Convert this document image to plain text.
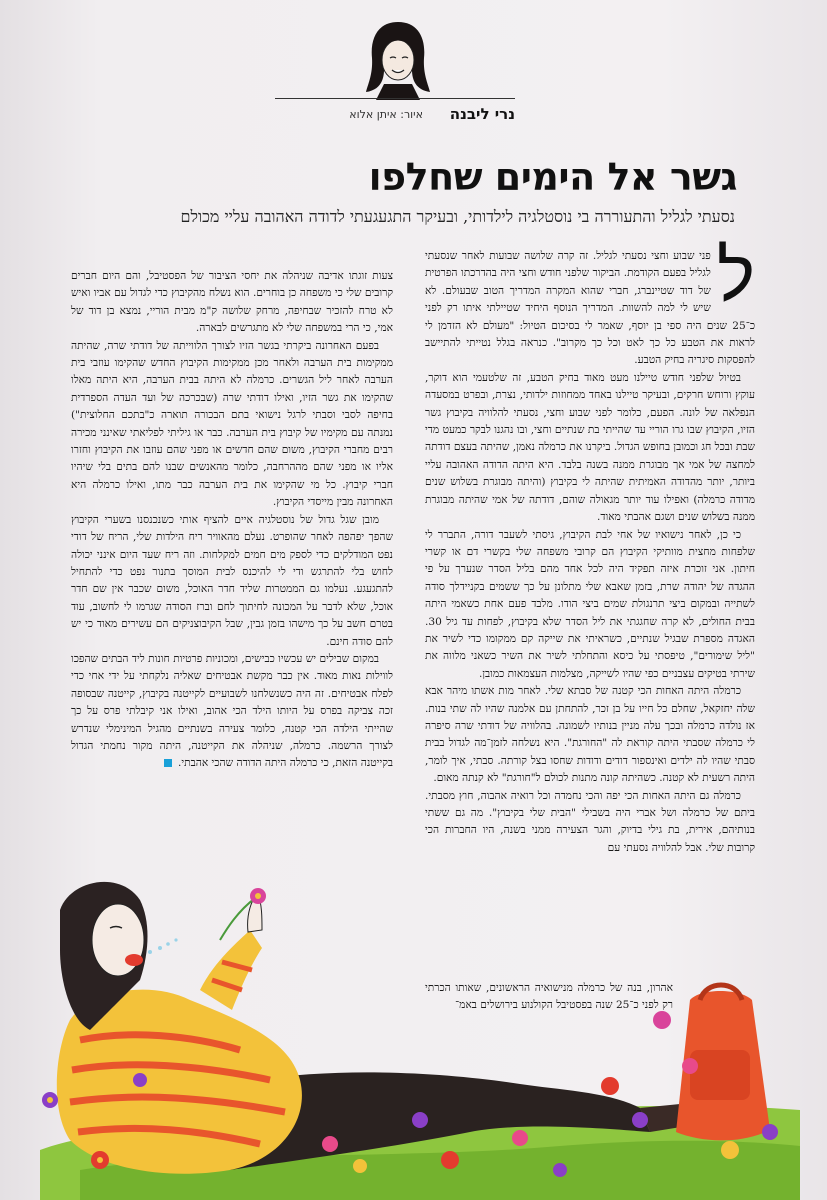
נרי ליבנה
איור: איתן אלוא
גשר אל הימים שחלפו
נסעתי לגליל והתעוררה בי נוסטלגיה לילדותי, ובעיקר התגעגעתי לדודה האהובה עליי מכולם

ל
פני שבוע וחצי נסעתי לגליל. זה קרה שלושה שבועות לאחר שנסעתי לגליל בפעם הקודמת. הביקור שלפני חודש וחצי היה בהדרכתו הפרטית של דוד שטיינברג, חברי שהוא המקרה המדריך הטוב שבעולם. לא שיש לי למה להשוות. המדריך הנוסף היחיד שטיילתי איתו רק לפני כ־25 שנים היה ספי בן יוסף, שאמר לי בסיכום הטיול: "מעולם לא הזדמן לי לראות את הטבע כל כך לאט וכל כך מקרוב". כנראה בגלל נטייתי להתיישב להפסקות סיגריה בחיק הטבע.

בטיול שלפני חודש טיילנו מעט מאוד בחיק הטבע, זה שלטעמי הוא דוקר, עוקץ ורוחש חרקים, ובעיקר טיילנו באחד ממחוזות ילדותי, נצרת, ובפרט במסעדה הנפלאה של לונה. הפעם, כלומר לפני שבוע וחצי, נסעתי להלוויה בקיבוץ גשר הזיו, הקיבוץ שבו גרו הוריי עד שהייתי בת שנתיים וחצי, ובו נהגנו לבקר כמעט מדי שבת ובכל חג וכמובן בחופש הגדול. ביקרנו את כרמלה נאמן, שהיתה בעצם דודתה למחצה של אמי אך מבוגרת ממנה בשנה בלבד. היא היתה הדודה האהובה עליי ביותר, יותר מהדודה האמיתית שהיתה לי בקיבוץ (והיתה מבוגרת בשלוש שנים מדודה כרמלה) ואפילו עוד יותר מגאולה שוהם, דודתה של אמי שהיתה מבוגרת ממנה בשלוש שנים ושגם אהבתי מאוד.

כי כן, לאחר נישואיו של אחי לבת הקיבוץ, גיסתי לשעבר דורה, התברר לי שלפחות מחצית מוותיקי הקיבוץ הם קרובי משפחה שלי בקשרי דם או קשרי חיתון. אני זוכרת איזה תפקיד היה לכל אחד מהם בליל הסדר שנערך על פי ההגדה של יהודה שרת, בזמן שאבא שלי מתלונן על כך ששמים בקניידלך סודה לשתייה ובמקום ביצי תרנגולת שמים ביצי הודו. מלבד פעם אחת כשאמי היתה בבית החולים, לא קרה שחגגתי את ליל הסדר שלא בקיבוץ, לפחות עד גיל 30. האגדה מספרת שבגיל שנתיים, כשראיתי את שייקה קם ממקומו כדי לשיר את "ליל שימורים", טיפסתי על כיסא והתחלתי לשיר את השיר כשאני מלווה את שירתי בטיקים עצבניים כפי שהיו לשייקה, מצלמות העצמאות כמובן.

כרמלה היתה האחות הכי קטנה של סבתא שלי. לאחר מות אשתו מיהר אבא שלה יחזקאל, שחלם כל חייו על בן זכר, להתחתן עם אלמנה שהיו לה שתי בנות. אז נולדה כרמלה ובכך עלה מניין בנותיו לשמונה. בהלוויה של דודתי שרה סיפרה לי כרמלה שסבתי היתה קוראת לה "החורגת". היא נשלחה לזמן־מה לגדול בבית סבתי שהיו לה ילדים ואינספור דודים ודודות שחסו בצל קורתה. סבתי, איך לומר, היתה רשעית לא קטנה. כשהיתה קונה מתנות לכולם ל"חורגת" לא קנתה מאום.

כרמלה גם היתה האחות הכי יפה והכי נחמדה וכל רואיה אהבוה, חוץ מסבתי. ביתם של כרמלה ושל אברי היה בשבילי "הבית שלי בקיבוץ". מה גם ששתי בנותיהם, אירית, בת גילי בדיוק, והגר הצעירה ממני בשנה, היו החברות הכי קרובות שלי. אבל להלוויה נסעתי עם

צעות זוגתו אדיבה שניהלה את יחסי הציבור של הפסטיבל, והם היום חברים קרובים שלי כי משפחה כן בוחרים. הוא נשלח מהקיבוץ כדי לגדול עם אביו ואיש לא טרח להזכיר שבחיפה, מרחק שלושה ק"מ מבית הוריי, נמצא בן דוד של אמי, כי הרי במשפחה שלי לא מתגרשים לבארה.

בפעם האחרונה ביקרתי בגשר הזיו לצורך הלווייתה של דודתי שרה, שהיתה ממקימות בית הערבה ולאחר מכן ממקימות הקיבוץ החדש שהקימו עוזבי בית הערבה לאחר ליל הגשרים. כרמלה לא היתה בבית הערבה, היא היתה מאלו שהקימו את גשר הזיו, ואילו דודתי שרה (שבכרכה של ועד העדה הספרדית בחיפה לסבי וסבתי לרגל נישואי בתם הבכורה תוארה כ"בתכם החלוצית") נמנתה עם מקימיו של קיבוץ בית הערבה. כבר או גיליתי לפליאתי שאינני מכירה רבים מחברי הקיבוץ, משום שהם חדשים או מפני שהם עוזבו את הקיבוץ וחזרו אליו או מפני שהם מההרחבה, כלומר מהאנשים שבנו להם בתים בלי שיהיו חברי קיבוץ. כל מי שהקימו את בית הערבה כבר מתו, ואילו כרמלה היא האחרונה מבין מייסדי הקיבוץ.

מובן שגל גדול של נוסטלגיה איים להציף אותי כשנכנסנו בשערי הקיבוץ שהפך יפהפה לאחר שהופרט. נעלם מהאוויר ריח הילדות שלי, הריח של דודי נפט המודלקים כדי לספק מים חמים למקלחות. וזה ריח שעד היום אינני יכולה לחוש בלי להתרגש ודי לי להיכנס לבית המוסך בתנור נפט כדי להתחיל להתגעגע. נעלמו גם הממטרות שליד חדר האוכל, משום שכבר אין שם חדר אוכל, שלא לדבר על המכונה לחיתוך לחם וברז הסודה שגרמו לי לחשוב, עוד בטרם חשב על כך מישהו בזמן גבין, שבל הקיבוצניקים הם עשירים מאוד כי יש להם סודה חינם.

במקום שבילים יש עכשיו כבישים, ומכוניות פרטיות חונות ליד הבתים שהפכו לווילות נאות מאוד. אין כבר מקשת אבטיחים שאליה נלקחתי על ידי אחי כדי לפלח אבטיחים. זה היה כשנשלחנו לשבועיים לקייטנה בקיבוץ, קייטנה שבסופה זכה צביקה בפרס על היותו הילד הכי אהוב, ואילו אני קיבלתי פרס על כך שהייתי הילדה הכי קטנה, כלומר צעירה בשנתיים מהגיל המינימלי שנדרש לצורך הרשמה. כרמלה, שניהלה את הקייטנה, היתה מקור נחמתי הגדול בקייטנה הזאת, כי כרמלה היתה הדודה שהכי אהבתי.

אהרון, בנה של כרמלה מנישואיה הראשונים, שאותו הכרתי רק לפני כ־25 שנה בפסטיבל הקולנוע בירושלים באמ־
